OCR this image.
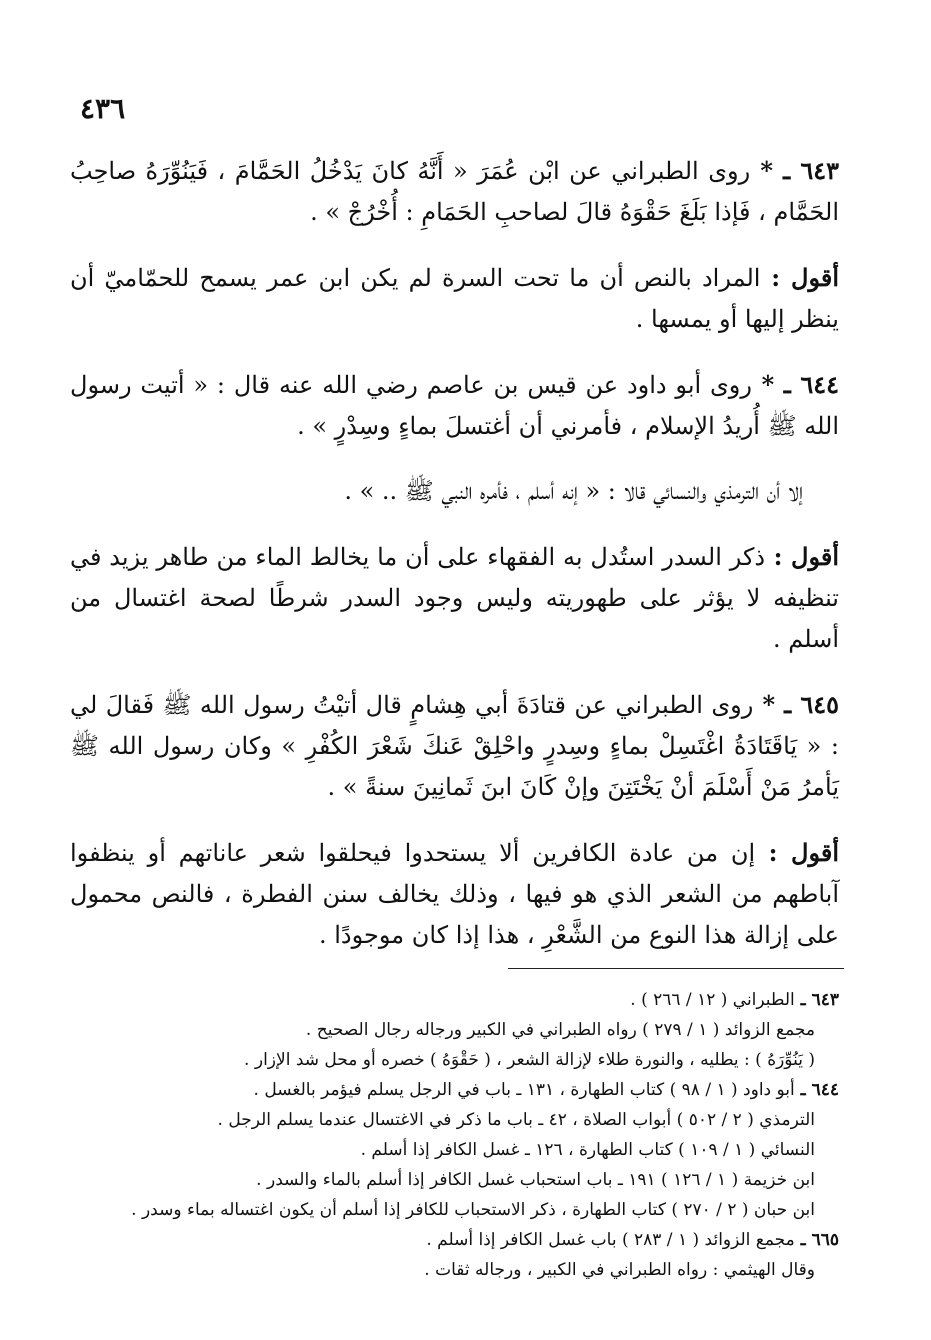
٤٣٦

٦٤٣ ـ * روى الطبراني عن ابْن عُمَرَ « أَنَّهُ كانَ يَدْخُلُ الحَمَّامَ ، فَيَنُوِّرَهُ صاحِبُ الحَمَّام ، فَإذا بَلَغَ حَقْوَهُ قالَ لصاحبِ الحَمَامِ : أُخْرُجْ » .

أقول : المراد بالنص أن ما تحت السرة لم يكن ابن عمر يسمح للحمّاميّ أن ينظر إليها أو يمسها .

٦٤٤ ـ * روى أبو داود عن قيس بن عاصم رضي الله عنه قال : « أتيت رسول الله ﷺ أُريدُ الإسلام ، فأمرني أن أغتسلَ بماءٍ وسِدْرٍ » .

إلا أن الترمذي والنسائي قالا : « إنه أسلم ، فأمره النبي ﷺ .. » .

أقول : ذكر السدر استُدل به الفقهاء على أن ما يخالط الماء من طاهر يزيد في تنظيفه لا يؤثر على طهوريته وليس وجود السدر شرطًا لصحة اغتسال من أسلم .

٦٤٥ ـ * روى الطبراني عن قتادَةَ أبي هِشامٍ قال أتيْتُ رسول الله ﷺ فَقالَ لي : « يَاقَتَادَةُ اغْتَسِلْ بماءٍ وسِدرٍ واحْلِقْ عَنكَ شَعْرَ الكُفْرِ » وكان رسول الله ﷺ يَأمرُ مَنْ أَسْلَمَ أنْ يَخْتَتِنَ وإنْ كَانَ ابنَ ثَمانِينَ سنةً » .

أقول : إن من عادة الكافرين ألا يستحدوا فيحلقوا شعر عاناتهم أو ينظفوا آباطهم من الشعر الذي هو فيها ، وذلك يخالف سنن الفطرة ، فالنص محمول على إزالة هذا النوع من الشَّعْرِ ، هذا إذا كان موجودًا .

٦٤٣ ـ الطبراني ( ١٢ / ٢٦٦ ) .

مجمع الزوائد ( ١ / ٢٧٩ ) رواه الطبراني في الكبير ورجاله رجال الصحيح .

( يَنُوِّرَهُ ) : يطليه ، والنورة طلاء لإزالة الشعر ، ( حَقْوَهُ ) خصره أو محل شد الإزار .

٦٤٤ ـ أبو داود ( ١ / ٩٨ ) كتاب الطهارة ، ١٣١ ـ باب في الرجل يسلم فيؤمر بالغسل .

الترمذي ( ٢ / ٥٠٢ ) أبواب الصلاة ، ٤٢ ـ باب ما ذكر في الاغتسال عندما يسلم الرجل .

النسائي ( ١ / ١٠٩ ) كتاب الطهارة ، ١٢٦ ـ غسل الكافر إذا أسلم .

ابن خزيمة ( ١ / ١٢٦ ) ١٩١ ـ باب استحباب غسل الكافر إذا أسلم بالماء والسدر .

ابن حبان ( ٢ / ٢٧٠ ) كتاب الطهارة ، ذكر الاستحباب للكافر إذا أسلم أن يكون اغتساله بماء وسدر .

٦٦٥ ـ مجمع الزوائد ( ١ / ٢٨٣ ) باب غسل الكافر إذا أسلم .

وقال الهيثمي : رواه الطبراني في الكبير ، ورجاله ثقات .
